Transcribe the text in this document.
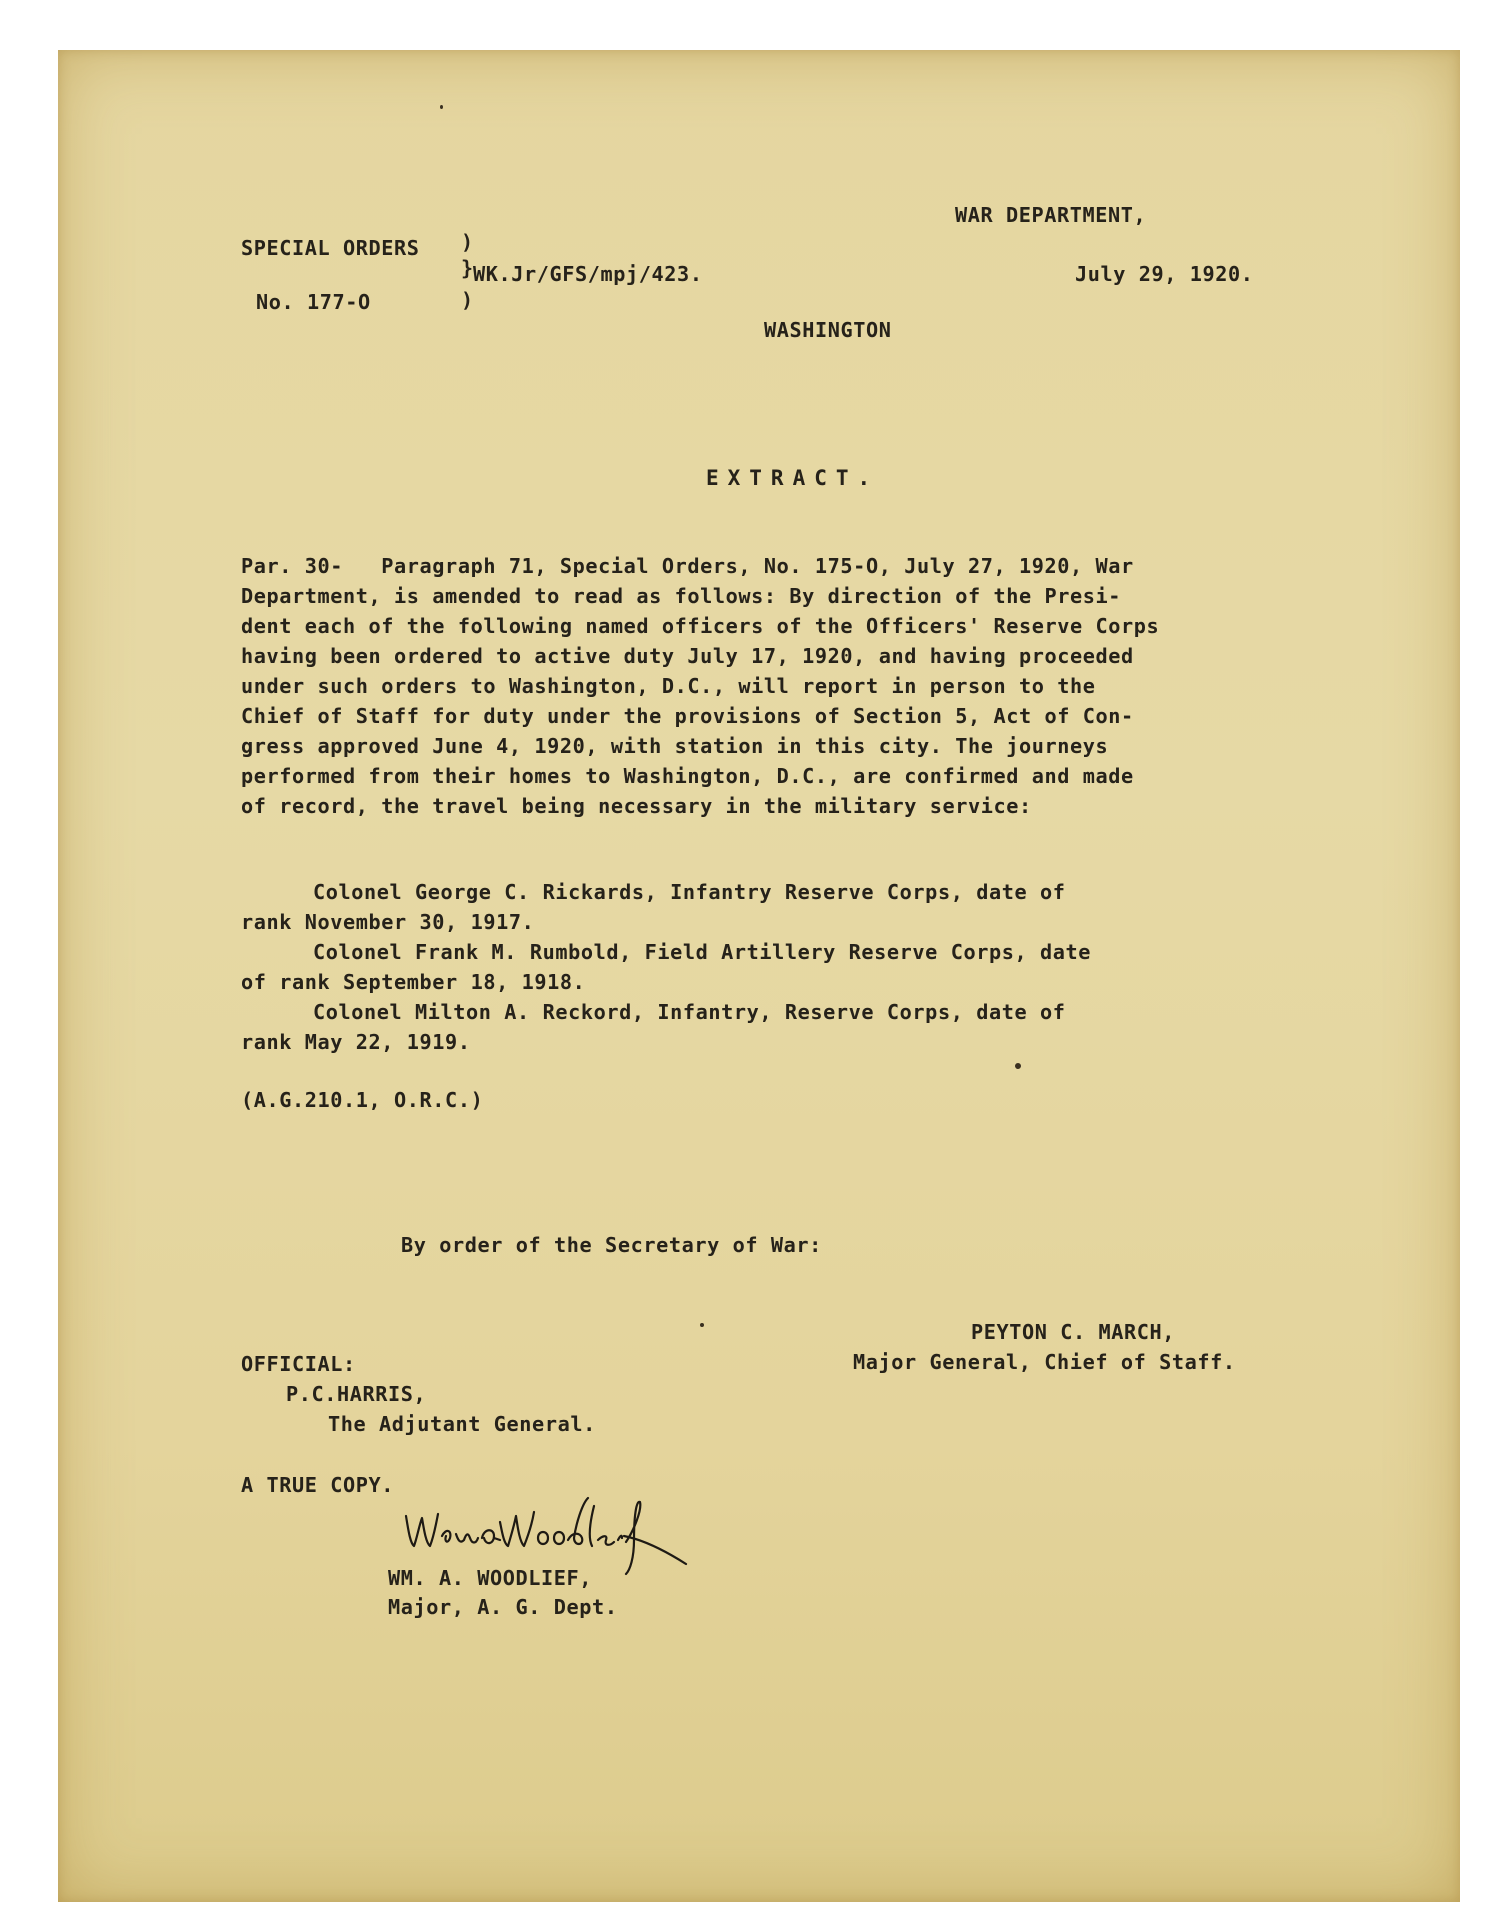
WAR DEPARTMENT,
SPECIAL ORDERS )
}
)
WK.Jr/GFS/mpj/423.	July 29, 1920.
No. 177-O
WASHINGTON
EXTRACT.
Par. 30-   Paragraph 71, Special Orders, No. 175-O, July 27, 1920, War
Department, is amended to read as follows: By direction of the Presi-
dent each of the following named officers of the Officers' Reserve Corps
having been ordered to active duty July 17, 1920, and having proceeded
under such orders to Washington, D.C., will report in person to the
Chief of Staff for duty under the provisions of Section 5, Act of Con-
gress approved June 4, 1920, with station in this city. The journeys
performed from their homes to Washington, D.C., are confirmed and made
of record, the travel being necessary in the military service:
Colonel George C. Rickards, Infantry Reserve Corps, date of
rank November 30, 1917.
Colonel Frank M. Rumbold, Field Artillery Reserve Corps, date
of rank September 18, 1918.
Colonel Milton A. Reckord, Infantry, Reserve Corps, date of
rank May 22, 1919.
(A.G.210.1, O.R.C.)
By order of the Secretary of War:
PEYTON C. MARCH,
Major General, Chief of Staff.
OFFICIAL:
P.C.HARRIS,
The Adjutant General.
A TRUE COPY.
WM. A. WOODLIEF,
Major, A. G. Dept.
